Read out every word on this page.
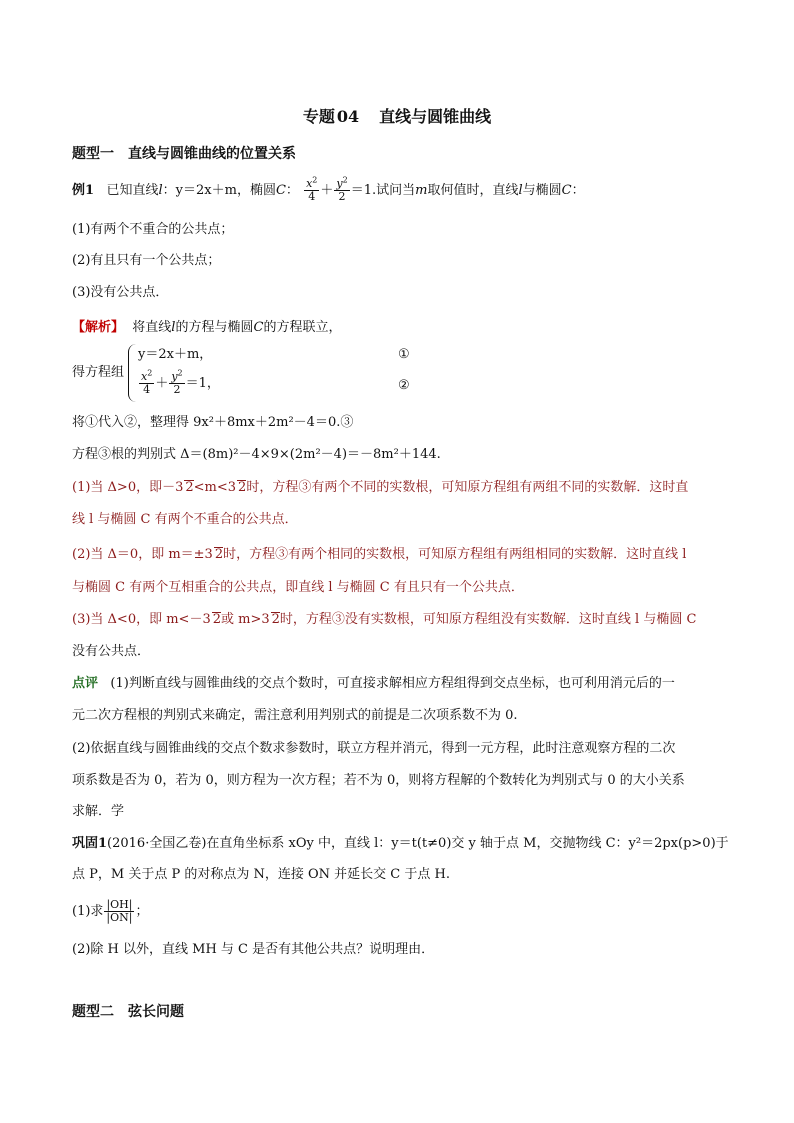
专题 04 直线与圆锥曲线
题型一　直线与圆锥曲线的位置关系
例1 已知直线l：y＝2x＋m，椭圆C： $\frac{x^2}{4} + \frac{y^2}{2} =1$.试问当m取何值时，直线l与椭圆C：
(1)有两个不重合的公共点；
(2)有且只有一个公共点；
(3)没有公共点．
【解析】 将直线l的方程与椭圆C的方程联立，
得方程组
y＝2x＋m，
$\frac{x^2}{4} + \frac{y^2}{2} =1$，
①
②
将①代入②，整理得 9x²＋8mx＋2m²－4＝0.③
方程③根的判别式 Δ＝(8m)²－4×9×(2m²－4)＝－8m²＋144.
(1)当 Δ>0，即－3 2<m<3 2时，方程③有两个不同的实数根，可知原方程组有两组不同的实数解．这时直
线 l 与椭圆 C 有两个不重合的公共点．
(2)当 Δ＝0，即 m＝±3 2时，方程③有两个相同的实数根，可知原方程组有两组相同的实数解．这时直线 l
与椭圆 C 有两个互相重合的公共点，即直线 l 与椭圆 C 有且只有一个公共点．
(3)当 Δ<0，即 m<－3 2或 m>3 2时，方程③没有实数根，可知原方程组没有实数解．这时直线 l 与椭圆 C
没有公共点．
点评 (1)判断直线与圆锥曲线的交点个数时，可直接求解相应方程组得到交点坐标，也可利用消元后的一
元二次方程根的判别式来确定，需注意利用判别式的前提是二次项系数不为 0.
(2)依据直线与圆锥曲线的交点个数求参数时，联立方程并消元，得到一元方程，此时注意观察方程的二次
项系数是否为 0，若为 0，则方程为一次方程；若不为 0，则将方程解的个数转化为判别式与 0 的大小关系
求解．学
巩固1(2016·全国乙卷)在直角坐标系 xOy 中，直线 l：y＝t(t≠0)交 y 轴于点 M，交抛物线 C：y²＝2px(p>0)于
点 P，M 关于点 P 的对称点为 N，连接 ON 并延长交 C 于点 H.
(1)求 $\frac{|OH|}{|ON|}$ ；
(2)除 H 以外，直线 MH 与 C 是否有其他公共点？说明理由．
题型二　弦长问题
